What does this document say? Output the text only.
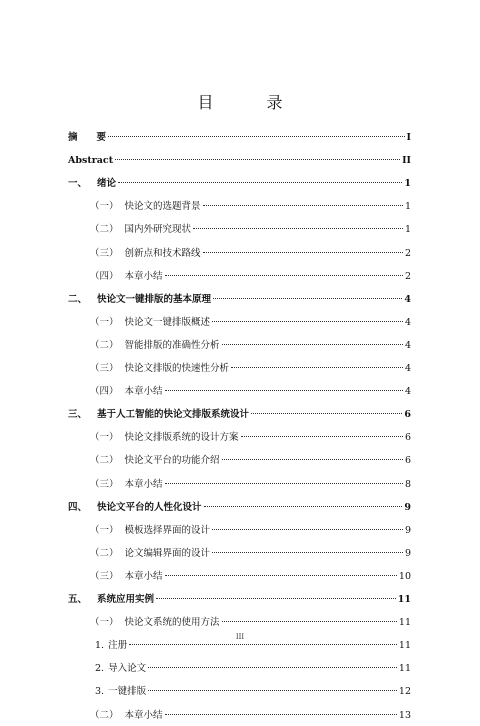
目 录
摘　　要	I
Abstract	II
一、 绪论	1
（一） 快论文的选题背景	1
（二） 国内外研究现状	1
（三） 创新点和技术路线	2
（四） 本章小结	2
二、 快论文一键排版的基本原理	4
（一） 快论文一键排版概述	4
（二） 智能排版的准确性分析	4
（三） 快论文排版的快速性分析	4
（四） 本章小结	4
三、 基于人工智能的快论文排版系统设计	6
（一） 快论文排版系统的设计方案	6
（二） 快论文平台的功能介绍	6
（三） 本章小结	8
四、 快论文平台的人性化设计	9
（一） 模板选择界面的设计	9
（二） 论文编辑界面的设计	9
（三） 本章小结	10
五、 系统应用实例	11
（一） 快论文系统的使用方法	11
1. 注册	11
2. 导入论文	11
3. 一键排版	12
（二） 本章小结	13
III
